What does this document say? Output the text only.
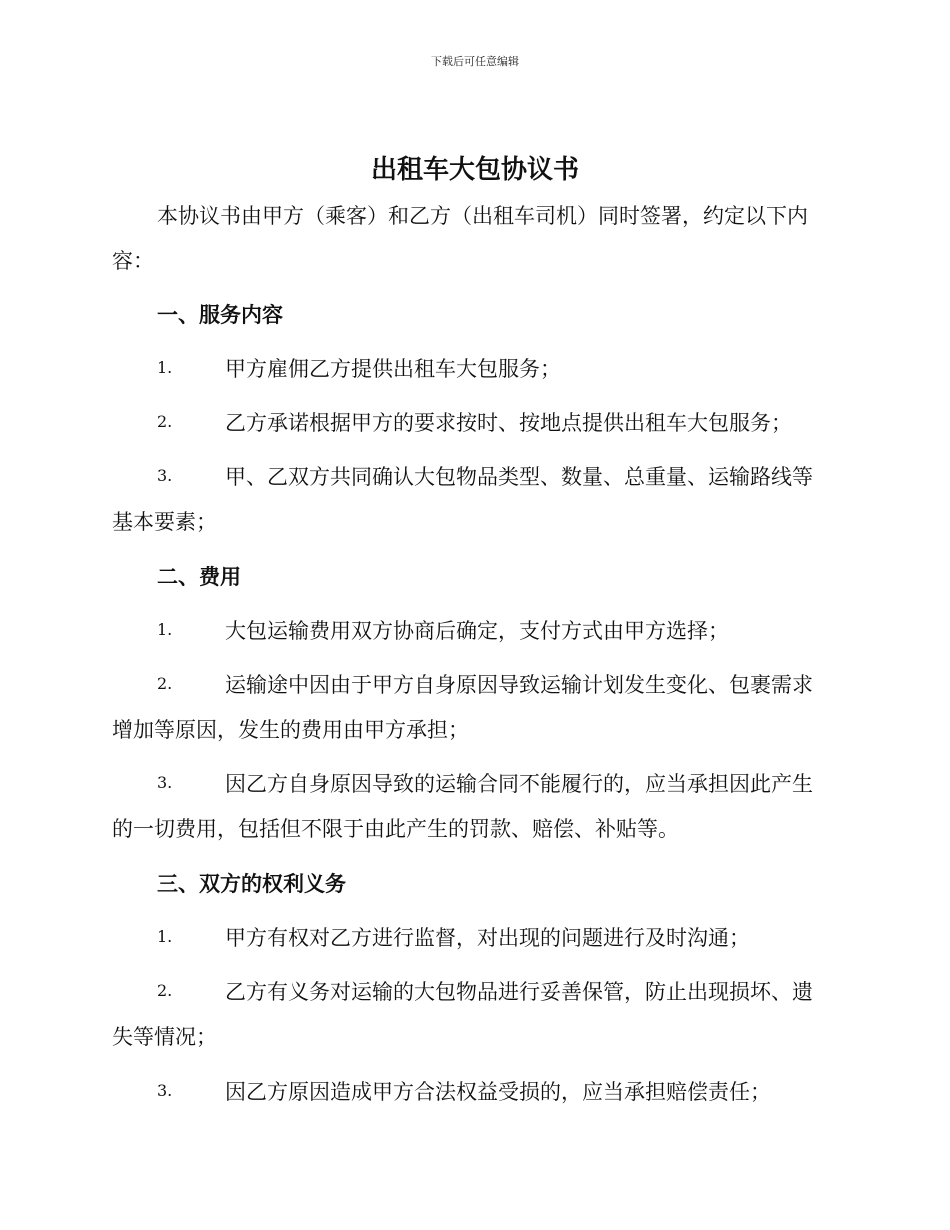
下载后可任意编辑
出租车大包协议书
本协议书由甲方（乘客）和乙方（出租车司机）同时签署，约定以下内
容：
一、服务内容
1.	甲方雇佣乙方提供出租车大包服务；
2.	乙方承诺根据甲方的要求按时、按地点提供出租车大包服务；
3.	甲、乙双方共同确认大包物品类型、数量、总重量、运输路线等
基本要素；
二、费用
1.	大包运输费用双方协商后确定，支付方式由甲方选择；
2.	运输途中因由于甲方自身原因导致运输计划发生变化、包裹需求
增加等原因，发生的费用由甲方承担；
3.	因乙方自身原因导致的运输合同不能履行的，应当承担因此产生
的一切费用，包括但不限于由此产生的罚款、赔偿、补贴等。
三、双方的权利义务
1.	甲方有权对乙方进行监督，对出现的问题进行及时沟通；
2.	乙方有义务对运输的大包物品进行妥善保管，防止出现损坏、遗
失等情况；
3.	因乙方原因造成甲方合法权益受损的，应当承担赔偿责任；
